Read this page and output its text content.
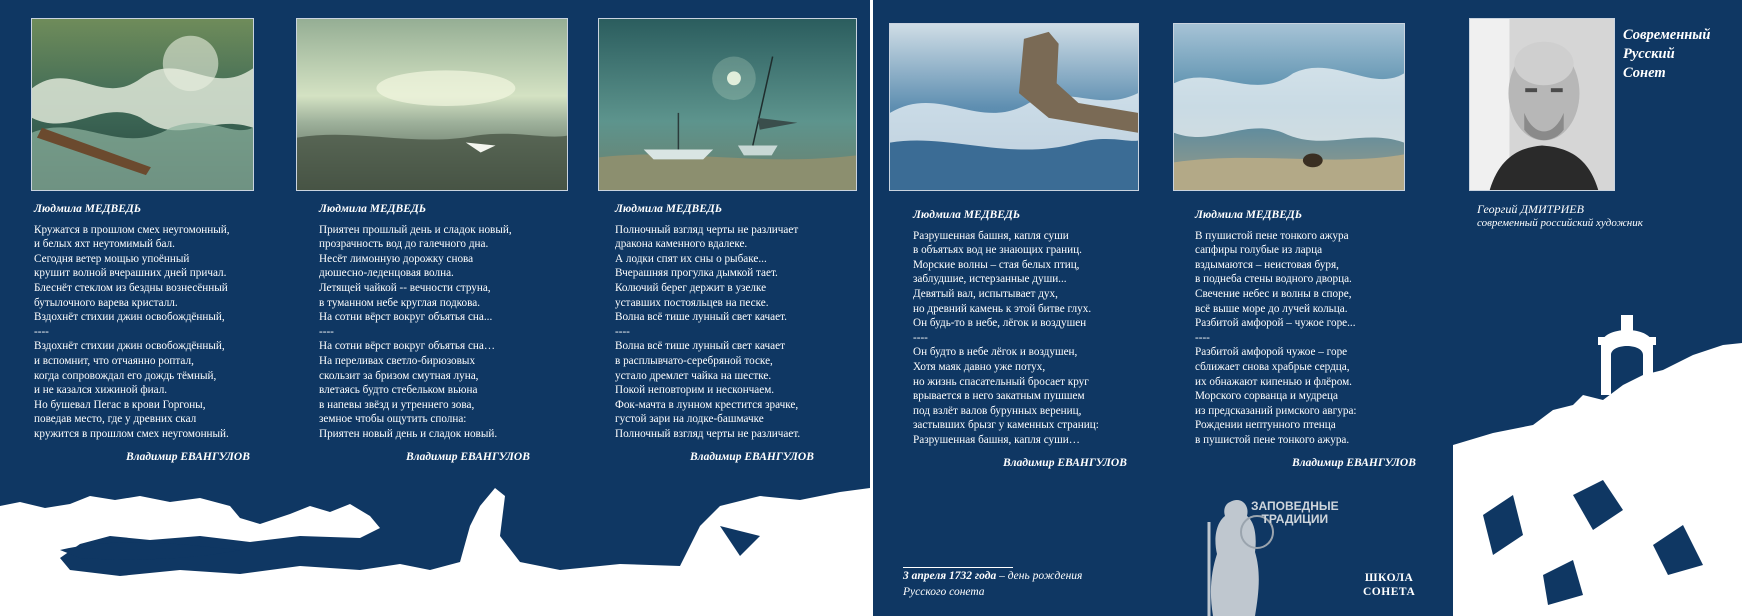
Людмила МЕДВЕДЬ
Кружатся в прошлом смех неугомонный,
и белых яхт неутомимый бал.
Сегодня ветер мощью упоённый
крушит волной вчерашних дней причал.
Блеснёт стеклом из бездны вознесённый
бутылочного варева кристалл.
Вздохнёт стихии джин освобождённый,
----
Вздохнёт стихии джин освобождённый,
и вспомнит, что отчаянно роптал,
когда сопровождал его дождь тёмный,
и не казался хижиной фиал.
Но бушевал Пегас в крови Горгоны,
поведав место, где у древних скал
кружится в прошлом смех неугомонный.
Владимир ЕВАНГУЛОВ
Людмила МЕДВЕДЬ
Приятен прошлый день и сладок новый,
прозрачность вод до галечного дна.
Несёт лимонную дорожку снова
дюшесно-леденцовая волна.
Летящей чайкой -- вечности струна,
в туманном небе круглая подкова.
На сотни вёрст вокруг объятья сна...
----
На сотни вёрст вокруг объятья сна…
На переливах светло-бирюзовых
скользит за бризом смутная луна,
влетаясь будто стебельком вьюна
в напевы звёзд и утреннего зова,
земное чтобы ощутить сполна:
Приятен новый день и сладок новый.
Владимир ЕВАНГУЛОВ
Людмила МЕДВЕДЬ
Полночный взгляд черты не различает
дракона каменного вдалеке.
А лодки спят их сны о рыбаке...
Вчерашняя прогулка дымкой тает.
Колючий берег держит в узелке
уставших постояльцев на песке.
Волна всё тише лунный свет качает.
----
Волна всё тише лунный свет качает
в расплывчато-серебряной тоске,
устало дремлет чайка на шестке.
Покой неповторим и нескончаем.
Фок-мачта в лунном крестится зрачке,
густой зари на лодке-башмачке
Полночный взгляд черты не различает.
Владимир ЕВАНГУЛОВ
Современный
Русский
Сонет
Георгий ДМИТРИЕВ
современный российский художник
Людмила МЕДВЕДЬ
Разрушенная башня, капля суши
в объятьях вод не знающих границ.
Морские волны – стая белых птиц,
заблудшие, истерзанные души...
Девятый вал, испытывает дух,
но древний камень к этой битве глух.
Он будь-то в небе, лёгок и воздушен
----
Он будто в небе лёгок и воздушен,
Хотя маяк давно уже потух,
но жизнь спасательный бросает круг
врывается в него закатным пушшем
под взлёт валов бурунных верениц,
застывших брызг у каменных страниц:
Разрушенная башня, капля суши…
Владимир ЕВАНГУЛОВ
Людмила МЕДВЕДЬ
В пушистой пене тонкого ажура
сапфиры голубые из ларца
вздымаются – неистовая буря,
в поднеба стены водного дворца.
Свечение небес и волны в споре,
всё выше море до лучей кольца.
Разбитой амфорой – чужое горе...
----
Разбитой амфорой чужое – горе
сближает снова храбрые сердца,
их обнажают кипенью и флёром.
Морского сорванца и мудреца
из предсказаний римского авгура:
Рождении нептунного птенца
в пушистой пене тонкого ажура.
Владимир ЕВАНГУЛОВ
ЗАПОВЕДНЫЕ
ТРАДИЦИИ
3 апреля 1732 года – день рождения
Русского сонета
ШКОЛА
СОНЕТА
